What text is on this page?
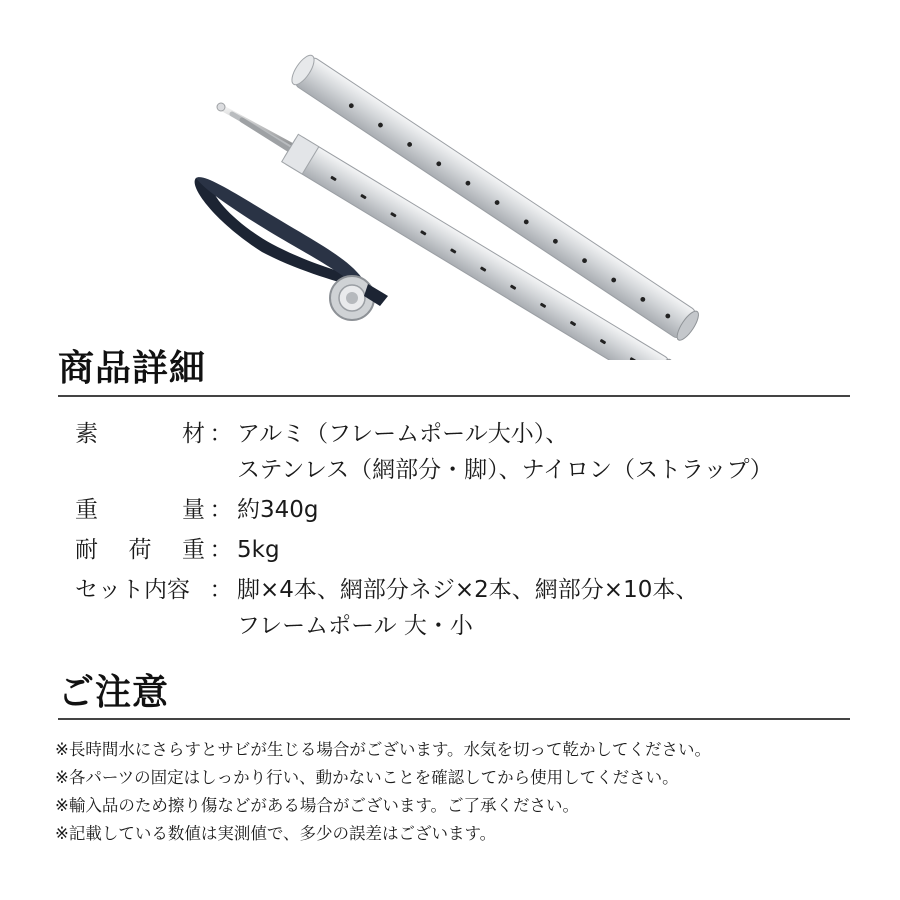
商品詳細
素	材 ： アルミ（フレームポール大小）、
ステンレス（網部分・脚）、ナイロン（ストラップ）
重	量 ： 約340g
耐 荷 重 ： 5kg
セット内容 ： 脚×4本、網部分ネジ×2本、網部分×10本、
フレームポール 大・小
ご注意
※長時間水にさらすとサビが生じる場合がございます。水気を切って乾かしてください。
※各パーツの固定はしっかり行い、動かないことを確認してから使用してください。
※輸入品のため擦り傷などがある場合がございます。ご了承ください。
※記載している数値は実測値で、多少の誤差はございます。
